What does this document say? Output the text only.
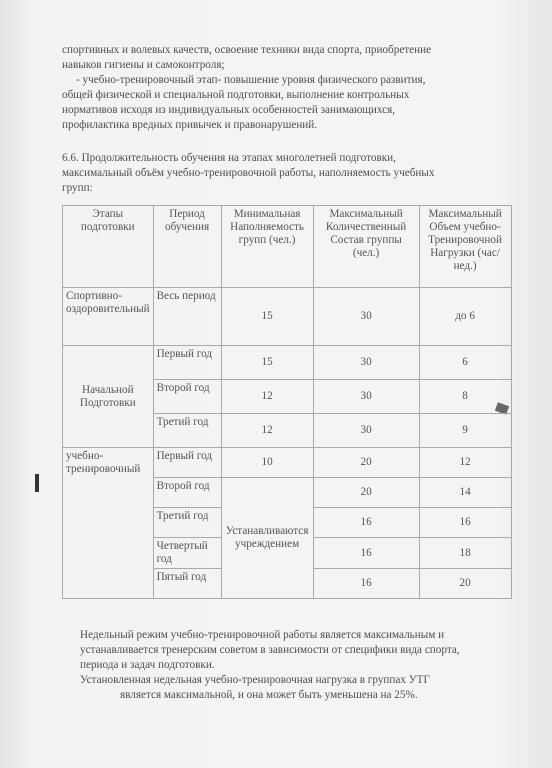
спортивных и волевых качеств, освоение техники вида спорта, приобретение
навыков гигиены и самоконтроля;
- учебно-тренировочный этап- повышение уровня физического развития,
общей физической и специальной подготовки, выполнение контрольных
нормативов исходя из индивидуальных особенностей занимающихся,
профилактика вредных привычек и правонарушений.
6.6. Продолжительность обучения на этапах многолетней подготовки,
максимальный объём учебно-тренировочной работы, наполняемость учебных
групп:
Этапы подготовки	Период обучения	Минимальная Наполняемость групп (чел.)	Максимальный Количественный Состав группы (чел.)	Максимальный Объем учебно-Тренировочной Нагрузки (час/нед.)
Спортивно-оздоровительный	Весь период	15	30	до 6
Начальной Подготовки	Первый год	15	30	6
	Второй год	12	30	8
	Третий год	12	30	9
учебно-тренировочный	Первый год	10	20	12
	Второй год	Устанавливаются учреждением	20	14
	Третий год		16	16
	Четвертый год		16	18
	Пятый год		16	20
Недельный режим учебно-тренировочной работы является максимальным и
устанавливается тренерским советом в зависимости от специфики вида спорта,
периода и задач подготовки.
Установленная недельная учебно-тренировочная нагрузка в группах УТГ
является максимальной, и она может быть уменьшена на 25%.
